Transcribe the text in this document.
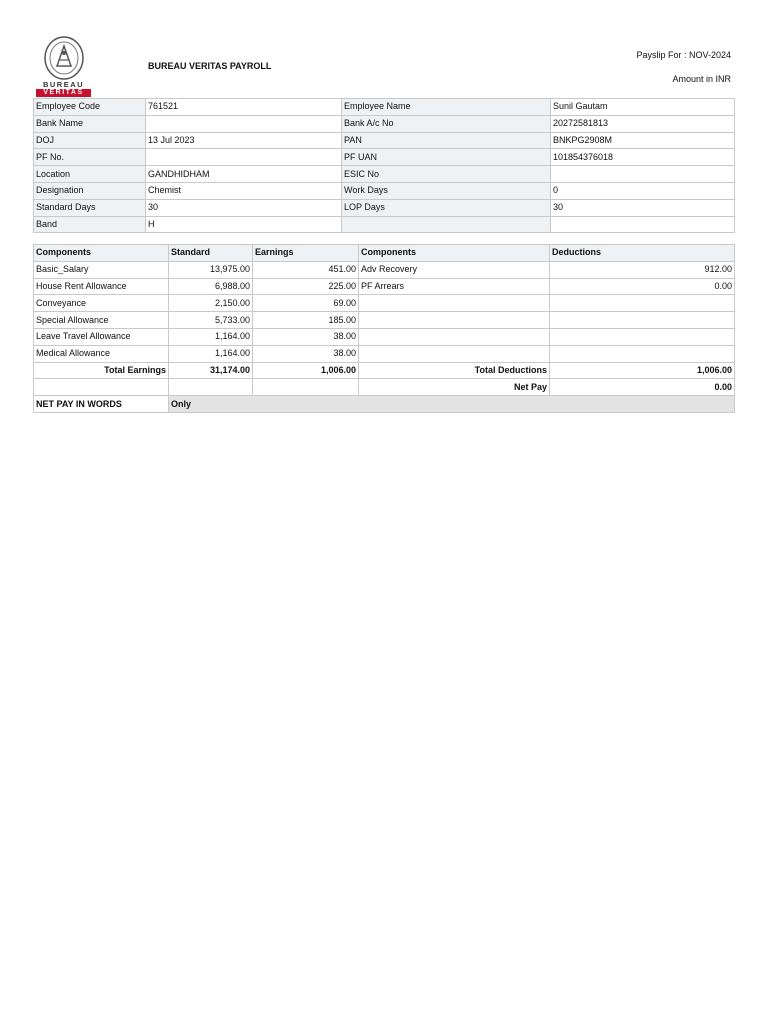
BUREAU
VERITAS
BUREAU VERITAS PAYROLL
Payslip For : NOV-2024
Amount in INR
Employee Code	761521	Employee Name	Sunil Gautam
Bank Name		Bank A/c No	20272581813
DOJ	13 Jul 2023	PAN	BNKPG2908M
PF No.		PF UAN	101854376018
Location	GANDHIDHAM	ESIC No	
Designation	Chemist	Work Days	0
Standard Days	30	LOP Days	30
Band	H		
Components	Standard	Earnings	Components	Deductions
Basic_Salary	13,975.00	451.00	Adv Recovery	912.00
House Rent Allowance	6,988.00	225.00	PF Arrears	0.00
Conveyance	2,150.00	69.00		
Special Allowance	5,733.00	185.00		
Leave Travel Allowance	1,164.00	38.00		
Medical Allowance	1,164.00	38.00		
Total Earnings	31,174.00	1,006.00	Total Deductions	1,006.00
			Net Pay	0.00
NET PAY IN WORDS	Only			
